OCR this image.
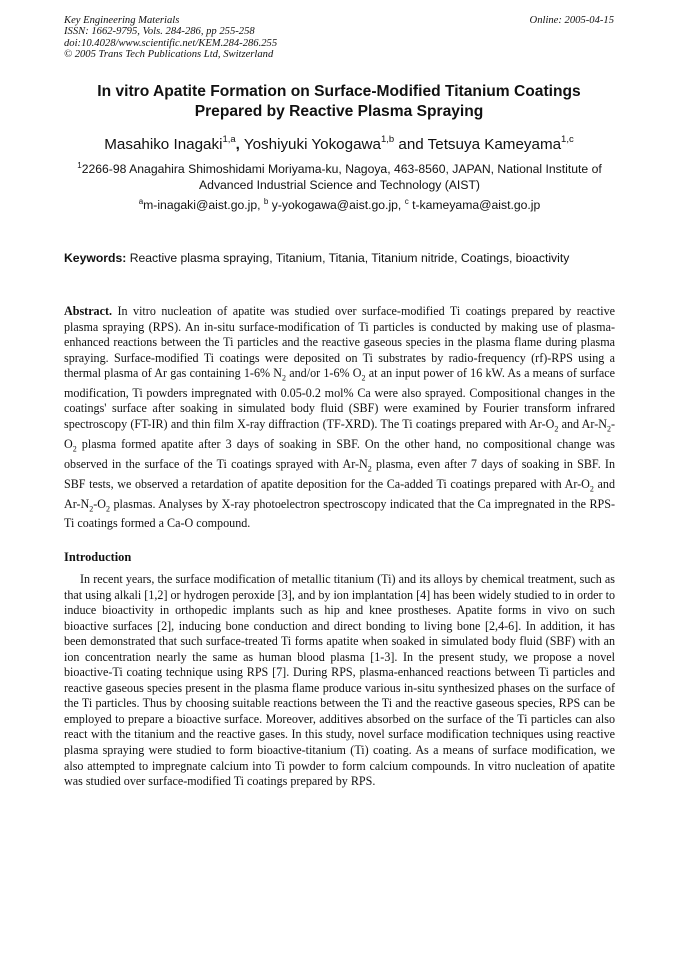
Key Engineering Materials
ISSN: 1662-9795, Vols. 284-286, pp 255-258
doi:10.4028/www.scientific.net/KEM.284-286.255
© 2005 Trans Tech Publications Ltd, Switzerland
Online: 2005-04-15
In vitro Apatite Formation on Surface-Modified Titanium Coatings
Prepared by Reactive Plasma Spraying
Masahiko Inagaki$^{1,a}$, Yoshiyuki Yokogawa$^{1,b}$ and Tetsuya Kameyama$^{1,c}$
$^1$2266-98 Anagahira Shimoshidami Moriyama-ku, Nagoya, 463-8560, JAPAN, National Institute of Advanced Industrial Science and Technology (AIST)
$^a$m-inagaki@aist.go.jp, $^b$ y-yokogawa@aist.go.jp, $^c$ t-kameyama@aist.go.jp
Keywords: Reactive plasma spraying, Titanium, Titania, Titanium nitride, Coatings, bioactivity
Abstract. In vitro nucleation of apatite was studied over surface-modified Ti coatings prepared by reactive plasma spraying (RPS). An in-situ surface-modification of Ti particles is conducted by making use of plasma-enhanced reactions between the Ti particles and the reactive gaseous species in the plasma flame during plasma spraying. Surface-modified Ti coatings were deposited on Ti substrates by radio-frequency (rf)-RPS using a thermal plasma of Ar gas containing 1-6% $N_2$ and/or 1-6% $O_2$ at an input power of 16 kW. As a means of surface modification, Ti powders impregnated with 0.05-0.2 mol% Ca were also sprayed. Compositional changes in the coatings' surface after soaking in simulated body fluid (SBF) were examined by Fourier transform infrared spectroscopy (FT-IR) and thin film X-ray diffraction (TF-XRD). The Ti coatings prepared with $Ar-O_2$ and $Ar-N_2-O_2$ plasma formed apatite after 3 days of soaking in SBF. On the other hand, no compositional change was observed in the surface of the Ti coatings sprayed with $Ar-N_2$ plasma, even after 7 days of soaking in SBF. In SBF tests, we observed a retardation of apatite deposition for the Ca-added Ti coatings prepared with $Ar-O_2$ and $Ar-N_2-O_2$ plasmas. Analyses by X-ray photoelectron spectroscopy indicated that the Ca impregnated in the RPS-Ti coatings formed a Ca-O compound.
Introduction
In recent years, the surface modification of metallic titanium (Ti) and its alloys by chemical treatment, such as that using alkali [1,2] or hydrogen peroxide [3], and by ion implantation [4] has been widely studied to in order to induce bioactivity in orthopedic implants such as hip and knee prostheses. Apatite forms in vivo on such bioactive surfaces [2], inducing bone conduction and direct bonding to living bone [2,4-6]. In addition, it has been demonstrated that such surface-treated Ti forms apatite when soaked in simulated body fluid (SBF) with an ion concentration nearly the same as human blood plasma [1-3]. In the present study, we propose a novel bioactive-Ti coating technique using RPS [7]. During RPS, plasma-enhanced reactions between Ti particles and reactive gaseous species present in the plasma flame produce various in-situ synthesized phases on the surface of the Ti particles. Thus by choosing suitable reactions between the Ti and the reactive gaseous species, RPS can be employed to prepare a bioactive surface. Moreover, additives absorbed on the surface of the Ti particles can also react with the titanium and the reactive gases. In this study, novel surface modification techniques using reactive plasma spraying were studied to form bioactive-titanium (Ti) coating. As a means of surface modification, we also attempted to impregnate calcium into Ti powder to form calcium compounds. In vitro nucleation of apatite was studied over surface-modified Ti coatings prepared by RPS.
